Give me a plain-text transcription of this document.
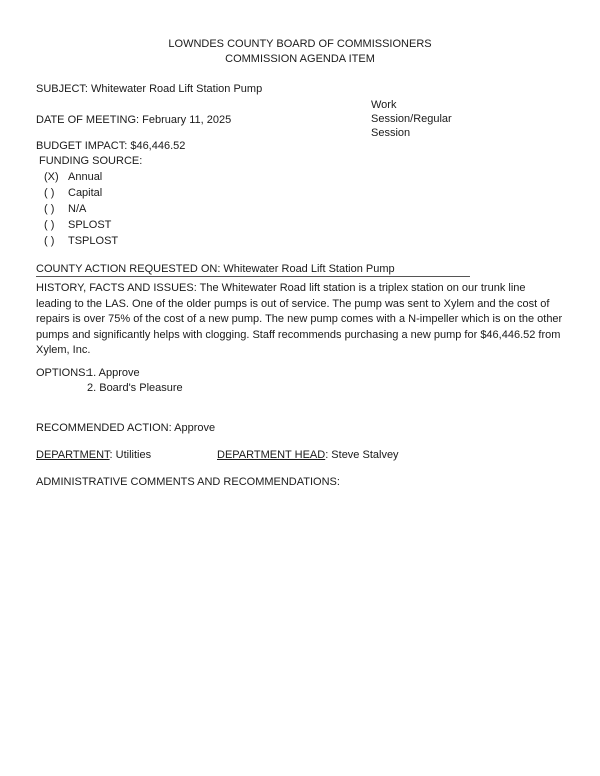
LOWNDES COUNTY BOARD OF COMMISSIONERS
COMMISSION AGENDA ITEM
SUBJECT: Whitewater Road Lift Station Pump
Work
Session/Regular
Session
DATE OF MEETING: February 11, 2025
BUDGET IMPACT: $46,446.52
FUNDING SOURCE:
(X) Annual
( ) Capital
( ) N/A
( ) SPLOST
( ) TSPLOST
COUNTY ACTION REQUESTED ON: Whitewater Road Lift Station Pump
HISTORY, FACTS AND ISSUES: The Whitewater Road lift station is a triplex station on our trunk line leading to the LAS. One of the older pumps is out of service. The pump was sent to Xylem and the cost of repairs is over 75% of the cost of a new pump. The new pump comes with a N-impeller which is on the other pumps and significantly helps with clogging. Staff recommends purchasing a new pump for $46,446.52 from Xylem, Inc.
OPTIONS:
1. Approve
2. Board's Pleasure
RECOMMENDED ACTION: Approve
DEPARTMENT: Utilities	DEPARTMENT HEAD: Steve Stalvey
ADMINISTRATIVE COMMENTS AND RECOMMENDATIONS:
